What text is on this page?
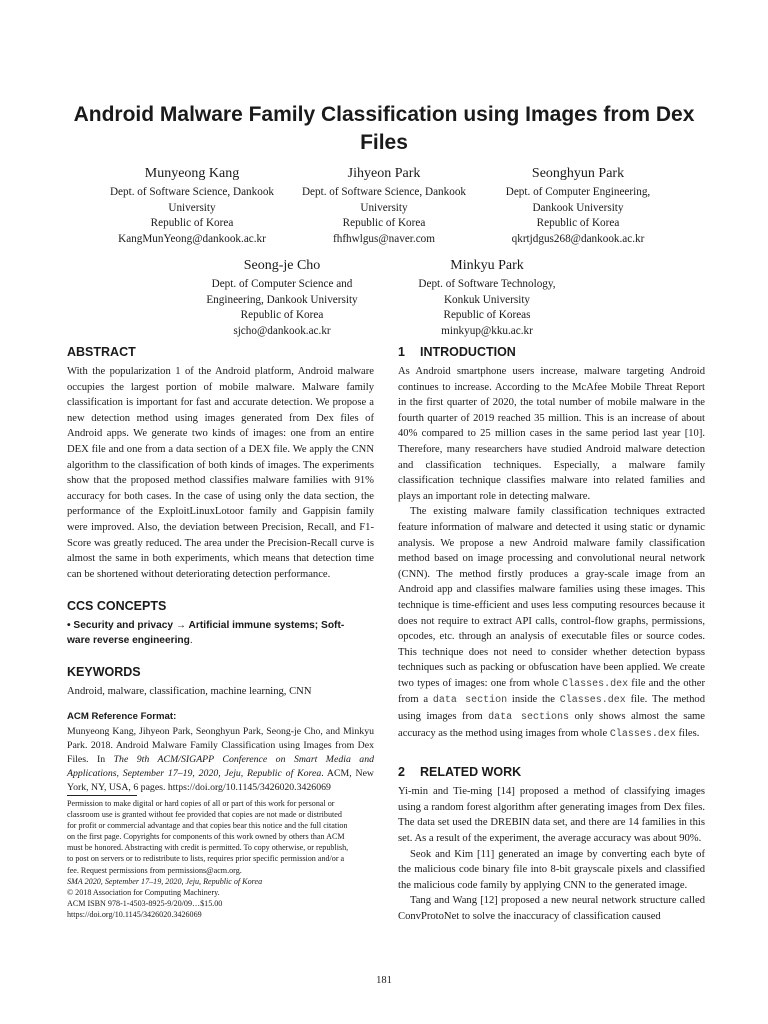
Android Malware Family Classification using Images from Dex
Files
Munyeong Kang
Dept. of Software Science, Dankook
University
Republic of Korea
KangMunYeong@dankook.ac.kr
Jihyeon Park
Dept. of Software Science, Dankook
University
Republic of Korea
fhfhwlgus@naver.com
Seonghyun Park
Dept. of Computer Engineering,
Dankook University
Republic of Korea
qkrtjdgus268@dankook.ac.kr
Seong-je Cho
Dept. of Computer Science and
Engineering, Dankook University
Republic of Korea
sjcho@dankook.ac.kr
Minkyu Park
Dept. of Software Technology,
Konkuk University
Republic of Koreas
minkyup@kku.ac.kr
ABSTRACT

With the popularization 1 of the Android platform, Android malware occupies the largest portion of mobile malware. Malware family classification is important for fast and accurate detection. We propose a new detection method using images generated from Dex files of Android apps. We generate two kinds of images: one from an entire DEX file and one from a data section of a DEX file. We apply the CNN algorithm to the classification of both kinds of images. The experiments show that the proposed method classifies malware families with 91% accuracy for both cases. In the case of using only the data section, the performance of the ExploitLinuxLotoor family and Gappisin family were improved. Also, the deviation between Precision, Recall, and F1-Score was greatly reduced. The area under the Precision-Recall curve is almost the same in both experiments, which means that detection time can be shortened without deteriorating detection performance.

CCS CONCEPTS

• Security and privacy → Artificial immune systems; Soft-
ware reverse engineering.

KEYWORDS

Android, malware, classification, machine learning, CNN

ACM Reference Format:

Munyeong Kang, Jihyeon Park, Seonghyun Park, Seong-je Cho, and Minkyu Park. 2018. Android Malware Family Classification using Images from Dex Files. In The 9th ACM/SIGAPP Conference on Smart Media and Applications, September 17–19, 2020, Jeju, Republic of Korea. ACM, New York, NY, USA, 6 pages. https://doi.org/10.1145/3426020.3426069

Permission to make digital or hard copies of all or part of this work for personal or
classroom use is granted without fee provided that copies are not made or distributed
for profit or commercial advantage and that copies bear this notice and the full citation
on the first page. Copyrights for components of this work owned by others than ACM
must be honored. Abstracting with credit is permitted. To copy otherwise, or republish,
to post on servers or to redistribute to lists, requires prior specific permission and/or a
fee. Request permissions from permissions@acm.org.
SMA 2020, September 17–19, 2020, Jeju, Republic of Korea
© 2018 Association for Computing Machinery.
ACM ISBN 978-1-4503-8925-9/20/09…$15.00
https://doi.org/10.1145/3426020.3426069
1 INTRODUCTION

As Android smartphone users increase, malware targeting Android continues to increase. According to the McAfee Mobile Threat Report in the first quarter of 2020, the total number of mobile malware in the fourth quarter of 2019 reached 35 million. This is an increase of about 40% compared to 25 million cases in the same period last year [10]. Therefore, many researchers have studied Android malware detection and classification techniques. Especially, a malware family classification technique classifies malware into related families and plays an important role in detecting malware.
The existing malware family classification techniques extracted feature information of malware and detected it using static or dynamic analysis. We propose a new Android malware family classification method based on image processing and convolutional neural network (CNN). The method firstly produces a gray-scale image from an Android app and classifies malware families using these images. This technique is time-efficient and uses less computing resources because it does not require to extract API calls, control-flow graphs, permissions, opcodes, etc. through an analysis of executable files or source codes. This technique does not need to consider whether detection bypass techniques such as packing or obfuscation have been applied. We create two types of images: one from whole Classes.dex file and the other from a data section inside the Classes.dex file. The method using images from data sections only shows almost the same accuracy as the method using images from whole Classes.dex files.

2 RELATED WORK

Yi-min and Tie-ming [14] proposed a method of classifying images using a random forest algorithm after generating images from Dex files. The data set used the DREBIN data set, and there are 14 families in this set. As a result of the experiment, the average accuracy was about 90%.
Seok and Kim [11] generated an image by converting each byte of the malicious code binary file into 8-bit grayscale pixels and classified the malicious code family by applying CNN to the generated image.
Tang and Wang [12] proposed a new neural network structure called ConvProtoNet to solve the inaccuracy of classification caused

181
